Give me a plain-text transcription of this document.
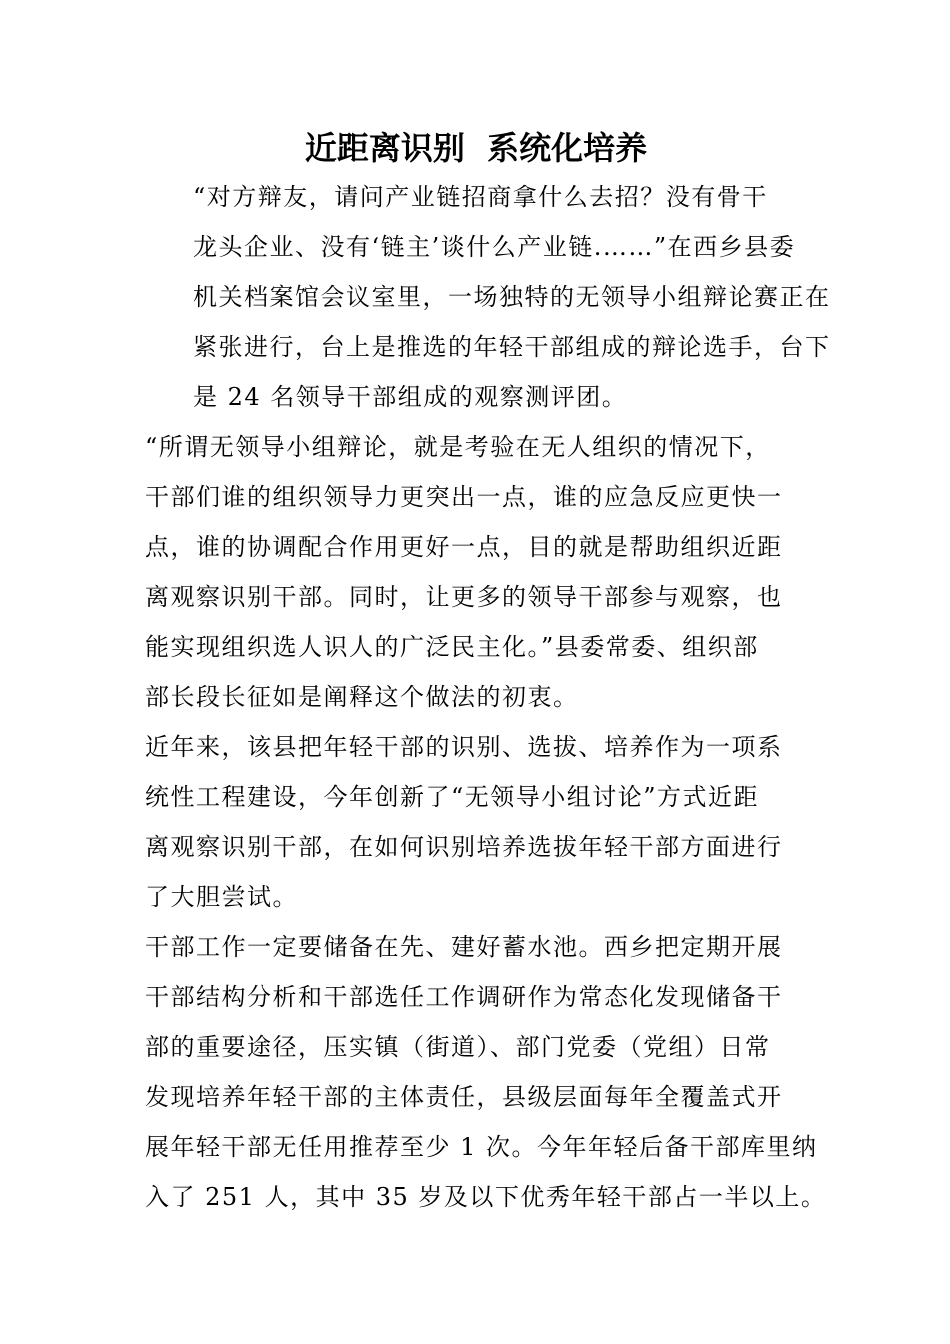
近距离识别  系统化培养
“对方辩友，请问产业链招商拿什么去招？没有骨干
龙头企业、没有‘链主’谈什么产业链.……”在西乡县委
机关档案馆会议室里，一场独特的无领导小组辩论赛正在
紧张进行，台上是推选的年轻干部组成的辩论选手，台下
是 24 名领导干部组成的观察测评团。
“所谓无领导小组辩论，就是考验在无人组织的情况下，
干部们谁的组织领导力更突出一点，谁的应急反应更快一
点，谁的协调配合作用更好一点，目的就是帮助组织近距
离观察识别干部。同时，让更多的领导干部参与观察，也
能实现组织选人识人的广泛民主化。”县委常委、组织部
部长段长征如是阐释这个做法的初衷。
近年来，该县把年轻干部的识别、选拔、培养作为一项系
统性工程建设，今年创新了“无领导小组讨论”方式近距
离观察识别干部，在如何识别培养选拔年轻干部方面进行
了大胆尝试。
干部工作一定要储备在先、建好蓄水池。西乡把定期开展
干部结构分析和干部选任工作调研作为常态化发现储备干
部的重要途径，压实镇（街道）、部门党委（党组）日常
发现培养年轻干部的主体责任，县级层面每年全覆盖式开
展年轻干部无任用推荐至少 1 次。今年年轻后备干部库里纳
入了 251 人，其中 35 岁及以下优秀年轻干部占一半以上。
